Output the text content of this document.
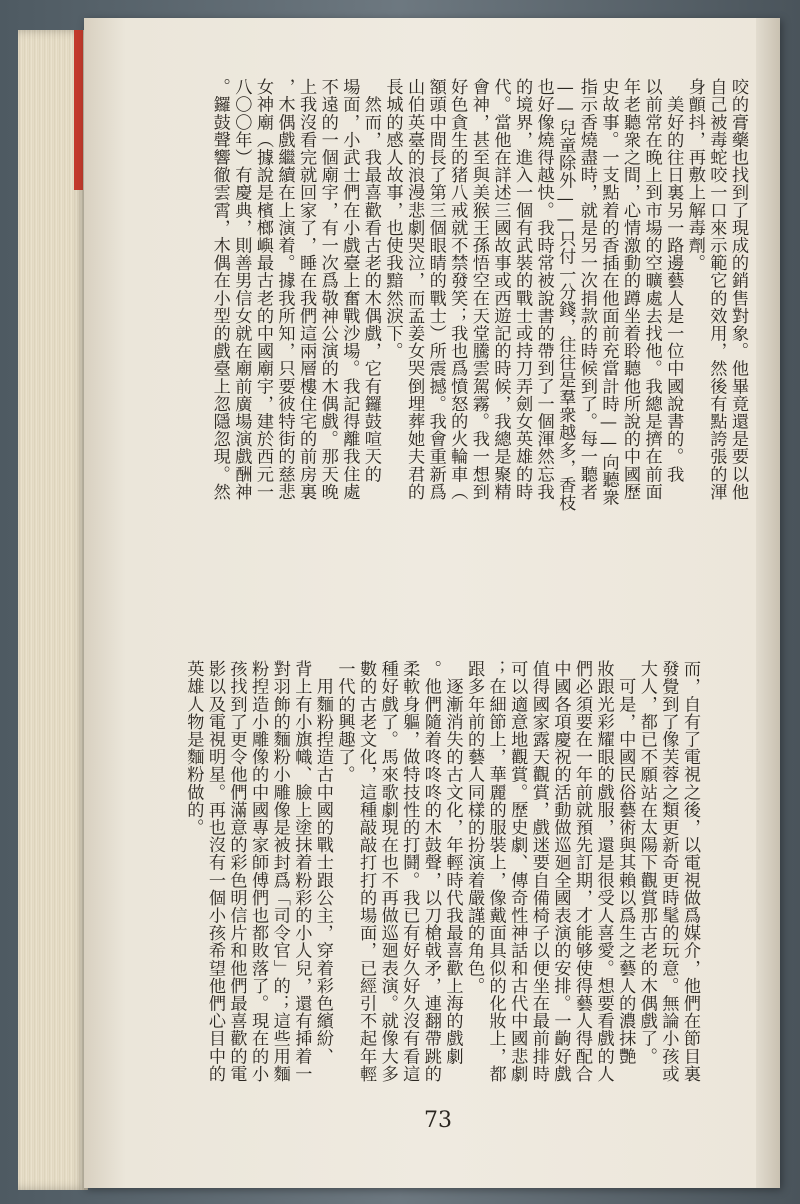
咬的膏藥也找到了現成的銷售對象。他畢竟還是要以他

自己被毒蛇咬一口來示範它的效用，然後有點誇張的渾

身顫抖，再敷上解毒劑。

　美好的往日裏另一路邊藝人是一位中國說書的。我

以前常在晚上到市場的空曠處去找他。我總是擠在前面

年老聽衆之間，心情激動的蹲坐着聆聽他所說的中國歷

史故事。一支點着的香插在他面前充當計時——向聽衆

指示香燒盡時，就是另一次捐款的時候到了。每一聽者

——兒童除外——只付一分錢，往往是羣衆越多，香枝

也好像燒得越快。我時常被說書的帶到了一個渾然忘我

的境界，進入一個有武裝的戰士或持刀弄劍女英雄的時

代。當他在詳述三國故事或西遊記的時候，我總是聚精

會神，甚至與美猴王孫悟空在天堂騰雲駕霧。我一想到

好色貪生的猪八戒就不禁發笑；我也爲憤怒的火輪車（

額頭中間長了第三個眼睛的戰士）所震撼。我會重新爲

山伯英臺的浪漫悲劇哭泣，而孟姜女哭倒埋葬她夫君的

長城的感人故事，也使我黯然淚下。

　然而，我最喜歡看古老的木偶戲，它有鑼鼓喧天的

場面，小武士們在小戲臺上奮戰沙場。我記得離我住處

不遠的一個廟宇，有一次爲敬神公演的木偶戲。那天晚

上我沒看完就回家了，睡在我們這兩層樓住宅的前房裏

，木偶戲繼續在上演着。據我所知，只要彼特街的慈悲

女神廟（據說是檳榔嶼最古老的中國廟宇，建於西元一

八〇〇年）有慶典，則善男信女就在廟前廣場演戲酬神

。鑼鼓聲響徹雲霄，木偶在小型的戲臺上忽隱忽現。然

而，自有了電視之後，以電視做爲媒介，他們在節目裏

發覺到了像芙蓉之類更新奇更時髦的玩意。無論小孩或

大人，都已不願站在太陽下觀賞那古老的木偶戲了。

　可是，中國民俗藝術與其賴以爲生之藝人的濃抹艷

妝跟光彩耀眼的戲服，還是很受人喜愛。想要看戲的人

們必須要在一年前就預先訂期，才能够使得藝人得配合

中國各項慶祝的活動做巡廻全國表演的安排。一齣好戲

值得國家露天觀賞，戲迷要自備椅子以便坐在最前排時

可以適意地觀賞。歷史劇、傳奇性神話和古代中國悲劇

；在細節上，華麗的服裝上，像戴面具似的化妝上，都

跟多年前的藝人同樣的扮演着嚴謹的角色。

　逐漸消失的古文化，年輕時代我最喜歡上海的戲劇

。他們隨着咚咚咚的木鼓聲，以刀槍戟矛，連翻帶跳的

柔軟身軀，做特技性的打鬪。我已有好久好久沒有看這

種好戲了。馬來歌劇現在也不再做巡廻表演。就像大多

數的古老文化，這種敲敲打打的場面，已經引不起年輕

一代的興趣了。

　用麵粉揑造古中國的戰士跟公主，穿着彩色繽紛、

背上有小旗幟、臉上塗抹着粉彩的小人兒，還有揷着一

對羽飾的麵粉小雕像是被封爲「司令官」的；這些用麵

粉揑造小雕像的中國專家師傅們也都敗落了。現在的小

孩找到了更令他們滿意的彩色明信片和他們最喜歡的電

影以及電視明星。再也沒有一個小孩希望他們心目中的

英雄人物是麵粉做的。

73
